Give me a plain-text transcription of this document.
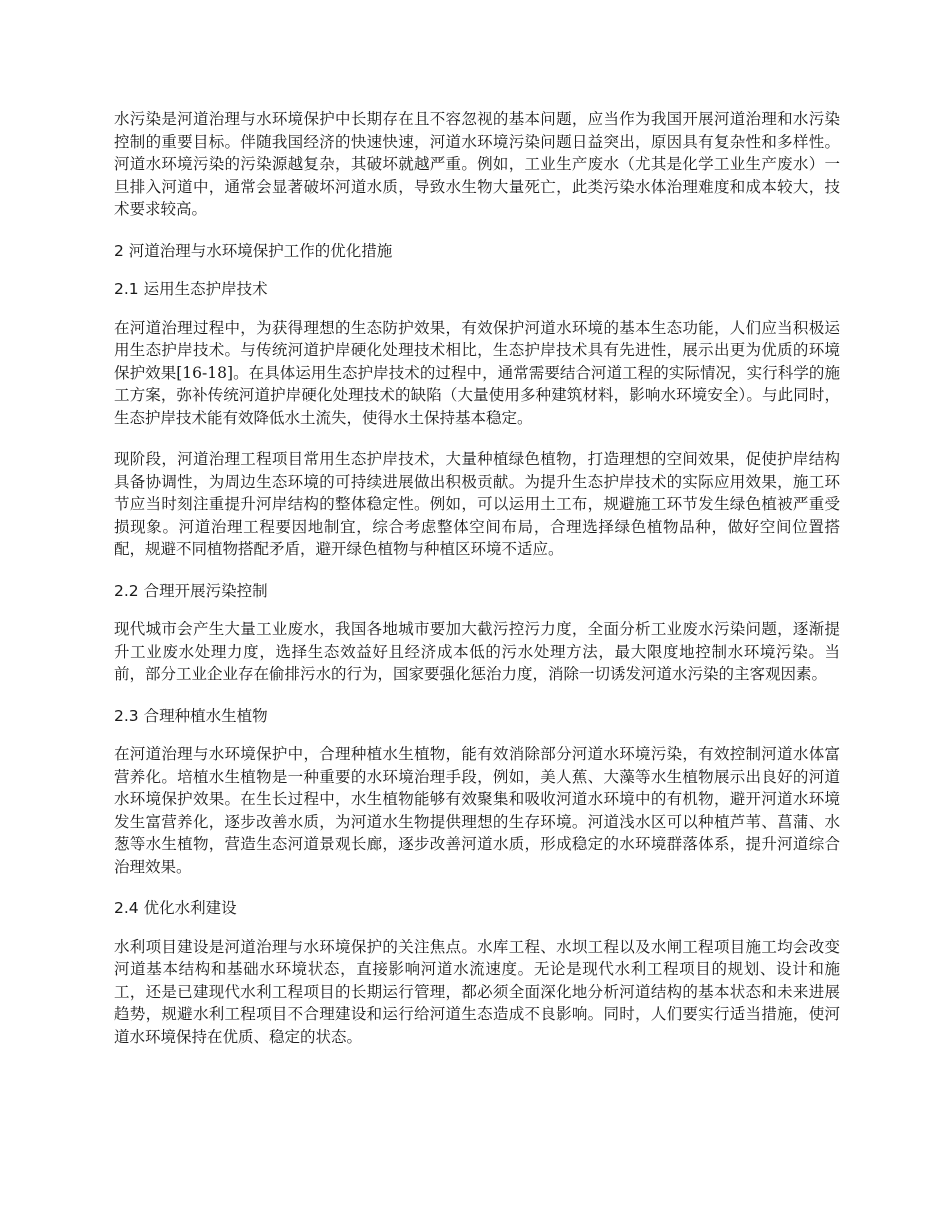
水污染是河道治理与水环境保护中长期存在且不容忽视的基本问题，应当作为我国开展河道治理和水污染控制的重要目标。伴随我国经济的快速快速，河道水环境污染问题日益突出，原因具有复杂性和多样性。河道水环境污染的污染源越复杂，其破坏就越严重。例如，工业生产废水（尤其是化学工业生产废水）一旦排入河道中，通常会显著破坏河道水质，导致水生物大量死亡，此类污染水体治理难度和成本较大，技术要求较高。

2 河道治理与水环境保护工作的优化措施

2.1 运用生态护岸技术

在河道治理过程中，为获得理想的生态防护效果，有效保护河道水环境的基本生态功能，人们应当积极运用生态护岸技术。与传统河道护岸硬化处理技术相比，生态护岸技术具有先进性，展示出更为优质的环境保护效果[16-18]。在具体运用生态护岸技术的过程中，通常需要结合河道工程的实际情况，实行科学的施工方案，弥补传统河道护岸硬化处理技术的缺陷（大量使用多种建筑材料，影响水环境安全）。与此同时，生态护岸技术能有效降低水土流失，使得水土保持基本稳定。

现阶段，河道治理工程项目常用生态护岸技术，大量种植绿色植物，打造理想的空间效果，促使护岸结构具备协调性，为周边生态环境的可持续进展做出积极贡献。为提升生态护岸技术的实际应用效果，施工环节应当时刻注重提升河岸结构的整体稳定性。例如，可以运用土工布，规避施工环节发生绿色植被严重受损现象。河道治理工程要因地制宜，综合考虑整体空间布局，合理选择绿色植物品种，做好空间位置搭配，规避不同植物搭配矛盾，避开绿色植物与种植区环境不适应。

2.2 合理开展污染控制

现代城市会产生大量工业废水，我国各地城市要加大截污控污力度，全面分析工业废水污染问题，逐渐提升工业废水处理力度，选择生态效益好且经济成本低的污水处理方法，最大限度地控制水环境污染。当前，部分工业企业存在偷排污水的行为，国家要强化惩治力度，消除一切诱发河道水污染的主客观因素。

2.3 合理种植水生植物

在河道治理与水环境保护中，合理种植水生植物，能有效消除部分河道水环境污染，有效控制河道水体富营养化。培植水生植物是一种重要的水环境治理手段，例如，美人蕉、大藻等水生植物展示出良好的河道水环境保护效果。在生长过程中，水生植物能够有效聚集和吸收河道水环境中的有机物，避开河道水环境发生富营养化，逐步改善水质，为河道水生物提供理想的生存环境。河道浅水区可以种植芦苇、菖蒲、水葱等水生植物，营造生态河道景观长廊，逐步改善河道水质，形成稳定的水环境群落体系，提升河道综合治理效果。

2.4 优化水利建设

水利项目建设是河道治理与水环境保护的关注焦点。水库工程、水坝工程以及水闸工程项目施工均会改变河道基本结构和基础水环境状态，直接影响河道水流速度。无论是现代水利工程项目的规划、设计和施工，还是已建现代水利工程项目的长期运行管理，都必须全面深化地分析河道结构的基本状态和未来进展趋势，规避水利工程项目不合理建设和运行给河道生态造成不良影响。同时，人们要实行适当措施，使河道水环境保持在优质、稳定的状态。
